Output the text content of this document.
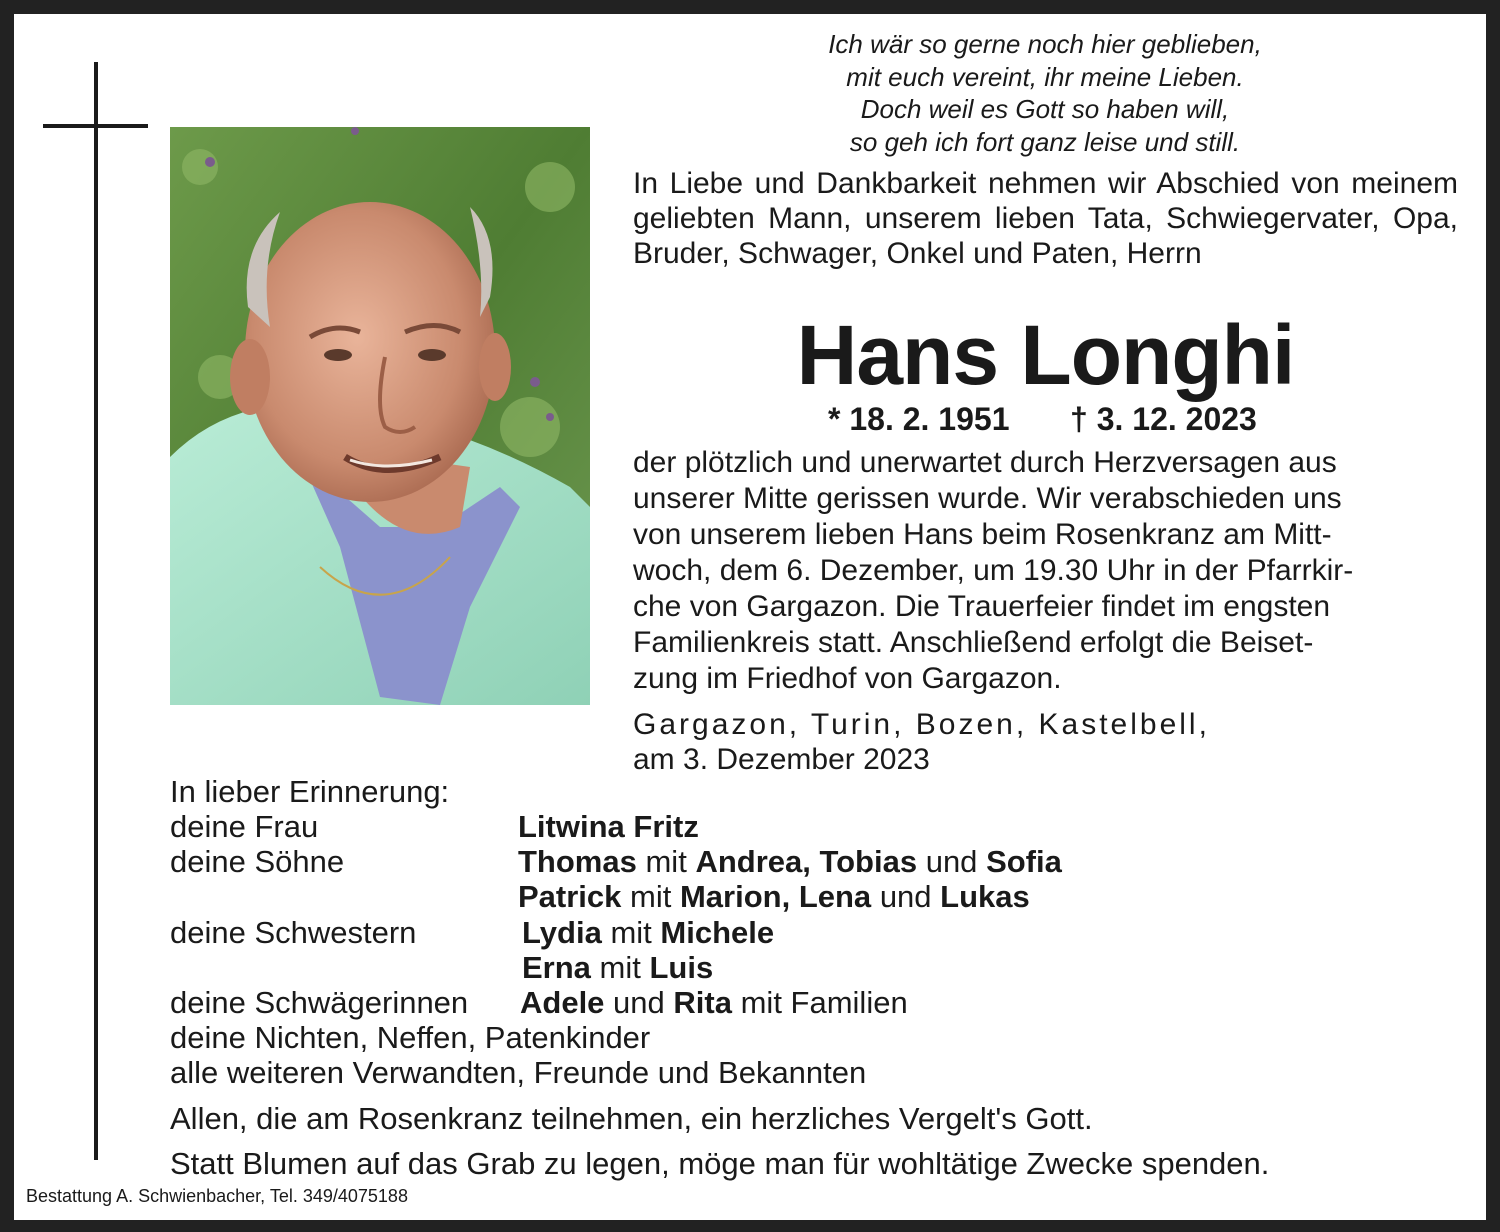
Ich wär so gerne noch hier geblieben,
mit euch vereint, ihr meine Lieben.
Doch weil es Gott so haben will,
so geh ich fort ganz leise und still.
In Liebe und Dankbarkeit nehmen wir Abschied von meinem geliebten Mann, unserem lieben Tata, Schwiegervater, Opa, Bruder, Schwager, Onkel und Paten, Herrn
Hans Longhi
* 18. 2. 1951 † 3. 12. 2023
der plötzlich und unerwartet durch Herzversagen aus
unserer Mitte gerissen wurde. Wir verabschieden uns
von unserem lieben Hans beim Rosenkranz am Mitt-
woch, dem 6. Dezember, um 19.30 Uhr in der Pfarrkir-
che von Gargazon. Die Trauerfeier findet im engsten
Familienkreis statt. Anschließend erfolgt die Beiset-
zung im Friedhof von Gargazon.
Gargazon, Turin, Bozen, Kastelbell,
am 3. Dezember 2023
In lieber Erinnerung:
deine Frau	Litwina Fritz
deine Söhne	Thomas mit Andrea, Tobias und Sofia
Patrick mit Marion, Lena und Lukas
deine Schwestern	Lydia mit Michele
Erna mit Luis
deine Schwägerinnen Adele und Rita mit Familien
deine Nichten, Neffen, Patenkinder
alle weiteren Verwandten, Freunde und Bekannten
Allen, die am Rosenkranz teilnehmen, ein herzliches Vergelt's Gott.
Statt Blumen auf das Grab zu legen, möge man für wohltätige Zwecke spenden.
Bestattung A. Schwienbacher, Tel. 349/4075188
